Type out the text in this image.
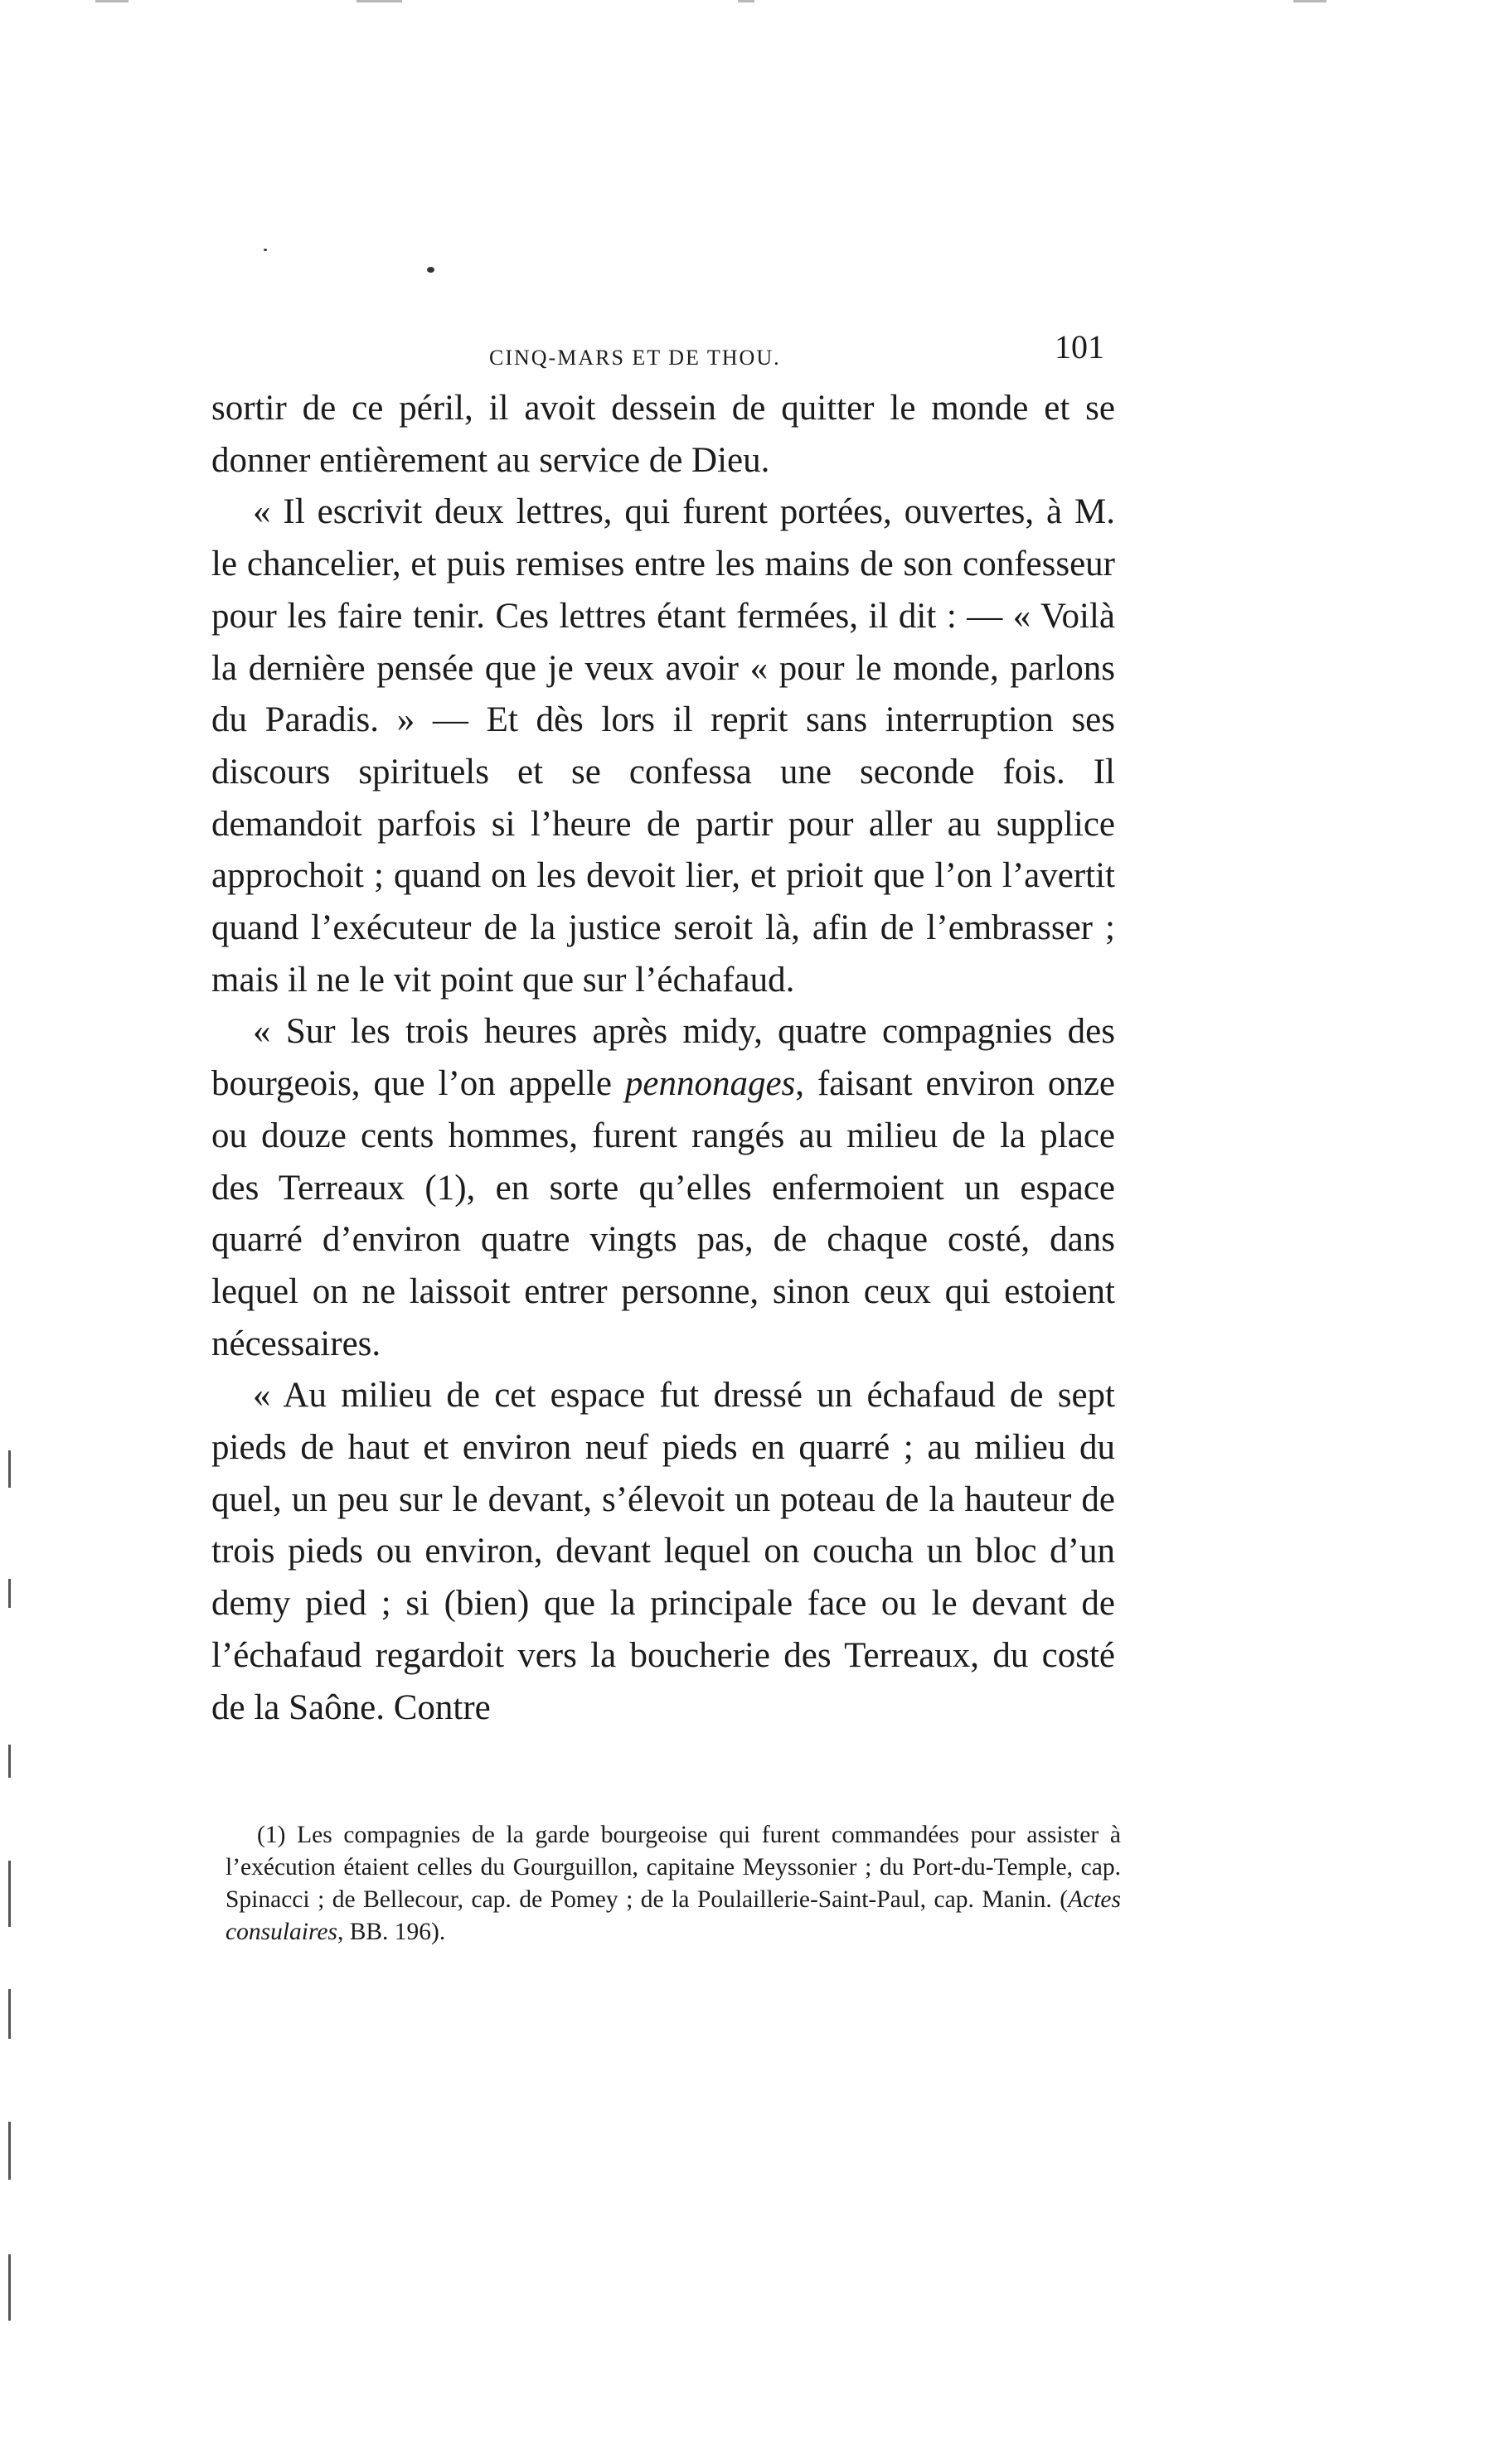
CINQ-MARS ET DE THOU.	101

sortir de ce péril, il avoit dessein de quitter le monde et se donner entièrement au service de Dieu.

« Il escrivit deux lettres, qui furent portées, ouvertes, à M. le chancelier, et puis remises entre les mains de son confesseur pour les faire tenir. Ces lettres étant fermées, il dit : — « Voilà la dernière pensée que je veux avoir « pour le monde, parlons du Paradis. » — Et dès lors il reprit sans interruption ses discours spirituels et se confessa une seconde fois. Il demandoit parfois si l’heure de partir pour aller au supplice approchoit ; quand on les devoit lier, et prioit que l’on l’avertit quand l’exécuteur de la justice seroit là, afin de l’embrasser ; mais il ne le vit point que sur l’échafaud.

« Sur les trois heures après midy, quatre compagnies des bourgeois, que l’on appelle pennonages, faisant environ onze ou douze cents hommes, furent rangés au milieu de la place des Terreaux (1), en sorte qu’elles enfermoient un espace quarré d’environ quatre vingts pas, de chaque costé, dans lequel on ne laissoit entrer personne, sinon ceux qui estoient nécessaires.

« Au milieu de cet espace fut dressé un échafaud de sept pieds de haut et environ neuf pieds en quarré ; au milieu du quel, un peu sur le devant, s’élevoit un poteau de la hauteur de trois pieds ou environ, devant lequel on coucha un bloc d’un demy pied ; si (bien) que la principale face ou le devant de l’échafaud regardoit vers la boucherie des Terreaux, du costé de la Saône. Contre

(1) Les compagnies de la garde bourgeoise qui furent commandées pour assister à l’exécution étaient celles du Gourguillon, capitaine Meyssonier ; du Port-du-Temple, cap. Spinacci ; de Bellecour, cap. de Pomey ; de la Poulaillerie-Saint-Paul, cap. Manin. (Actes consulaires, BB. 196).
